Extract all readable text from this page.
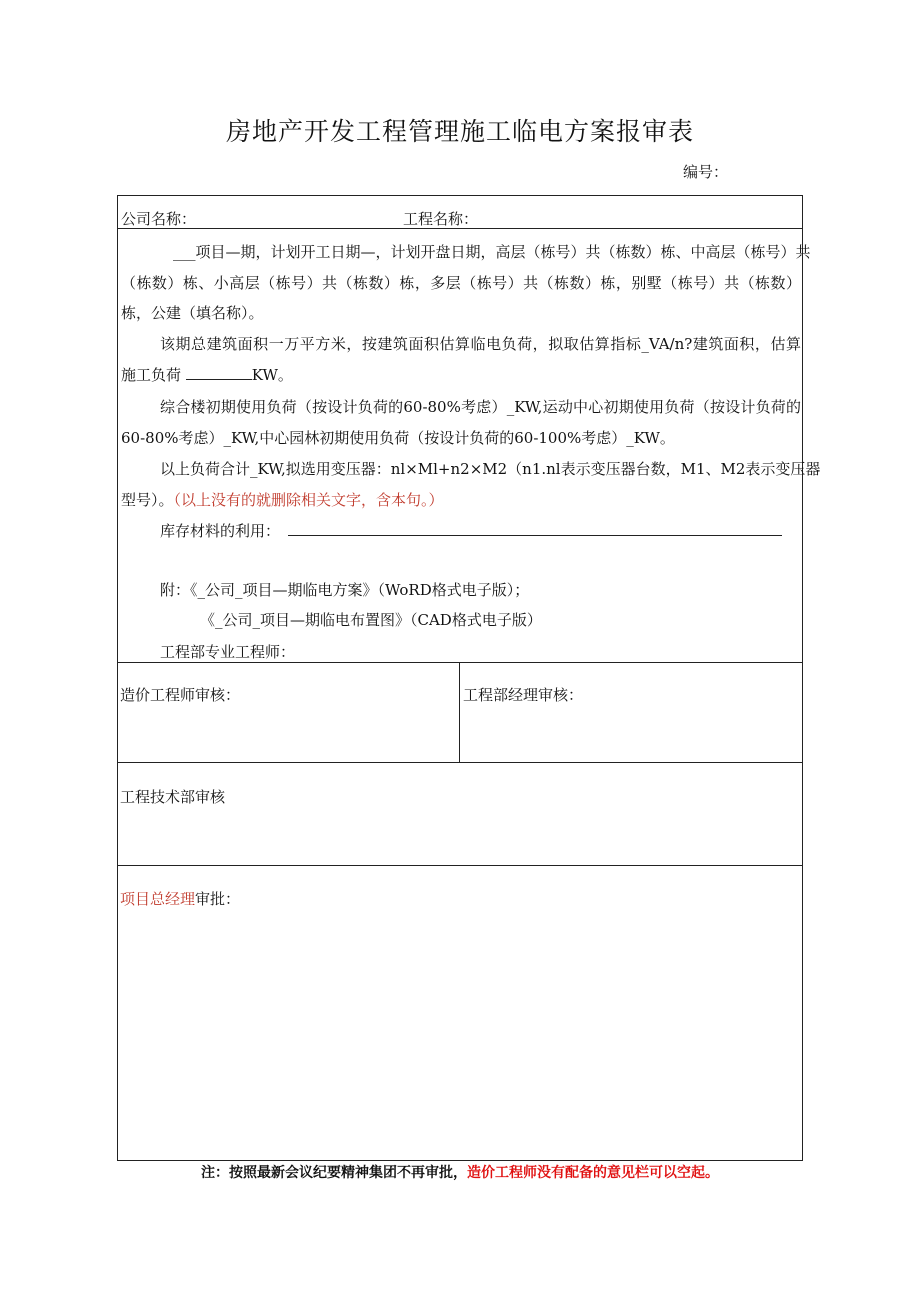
房地产开发工程管理施工临电方案报审表
编号：
公司名称：	工程名称：
___项目—期，计划开工日期—，计划开盘日期，高层（栋号）共（栋数）栋、中高层（栋号）共
（栋数）栋、小高层（栋号）共（栋数）栋，多层（栋号）共（栋数）栋，别墅（栋号）共（栋数）
栋，公建（填名称）。
该期总建筑面积一万平方米，按建筑面积估算临电负荷，拟取估算指标_VA/n?建筑面积，估算
施工负荷	KW。
综合楼初期使用负荷（按设计负荷的60-80%考虑）_KW,运动中心初期使用负荷（按设计负荷的
60-80%考虑）_KW,中心园林初期使用负荷（按设计负荷的60-100%考虑）_KW。
以上负荷合计_KW,拟选用变压器：nl×Ml+n2×M2（n1.nl表示变压器台数，M1、M2表示变压器
型号）。（以上没有的就删除相关文字，含本句。）
库存材料的利用：
附：《_公司_项目—期临电方案》（WoRD格式电子版）；
《_公司_项目—期临电布置图》（CAD格式电子版）
工程部专业工程师：
造价工程师审核：	工程部经理审核：
工程技术部审核
项目总经理审批：
注：按照最新会议纪要精神集团不再审批，造价工程师没有配备的意见栏可以空起。
